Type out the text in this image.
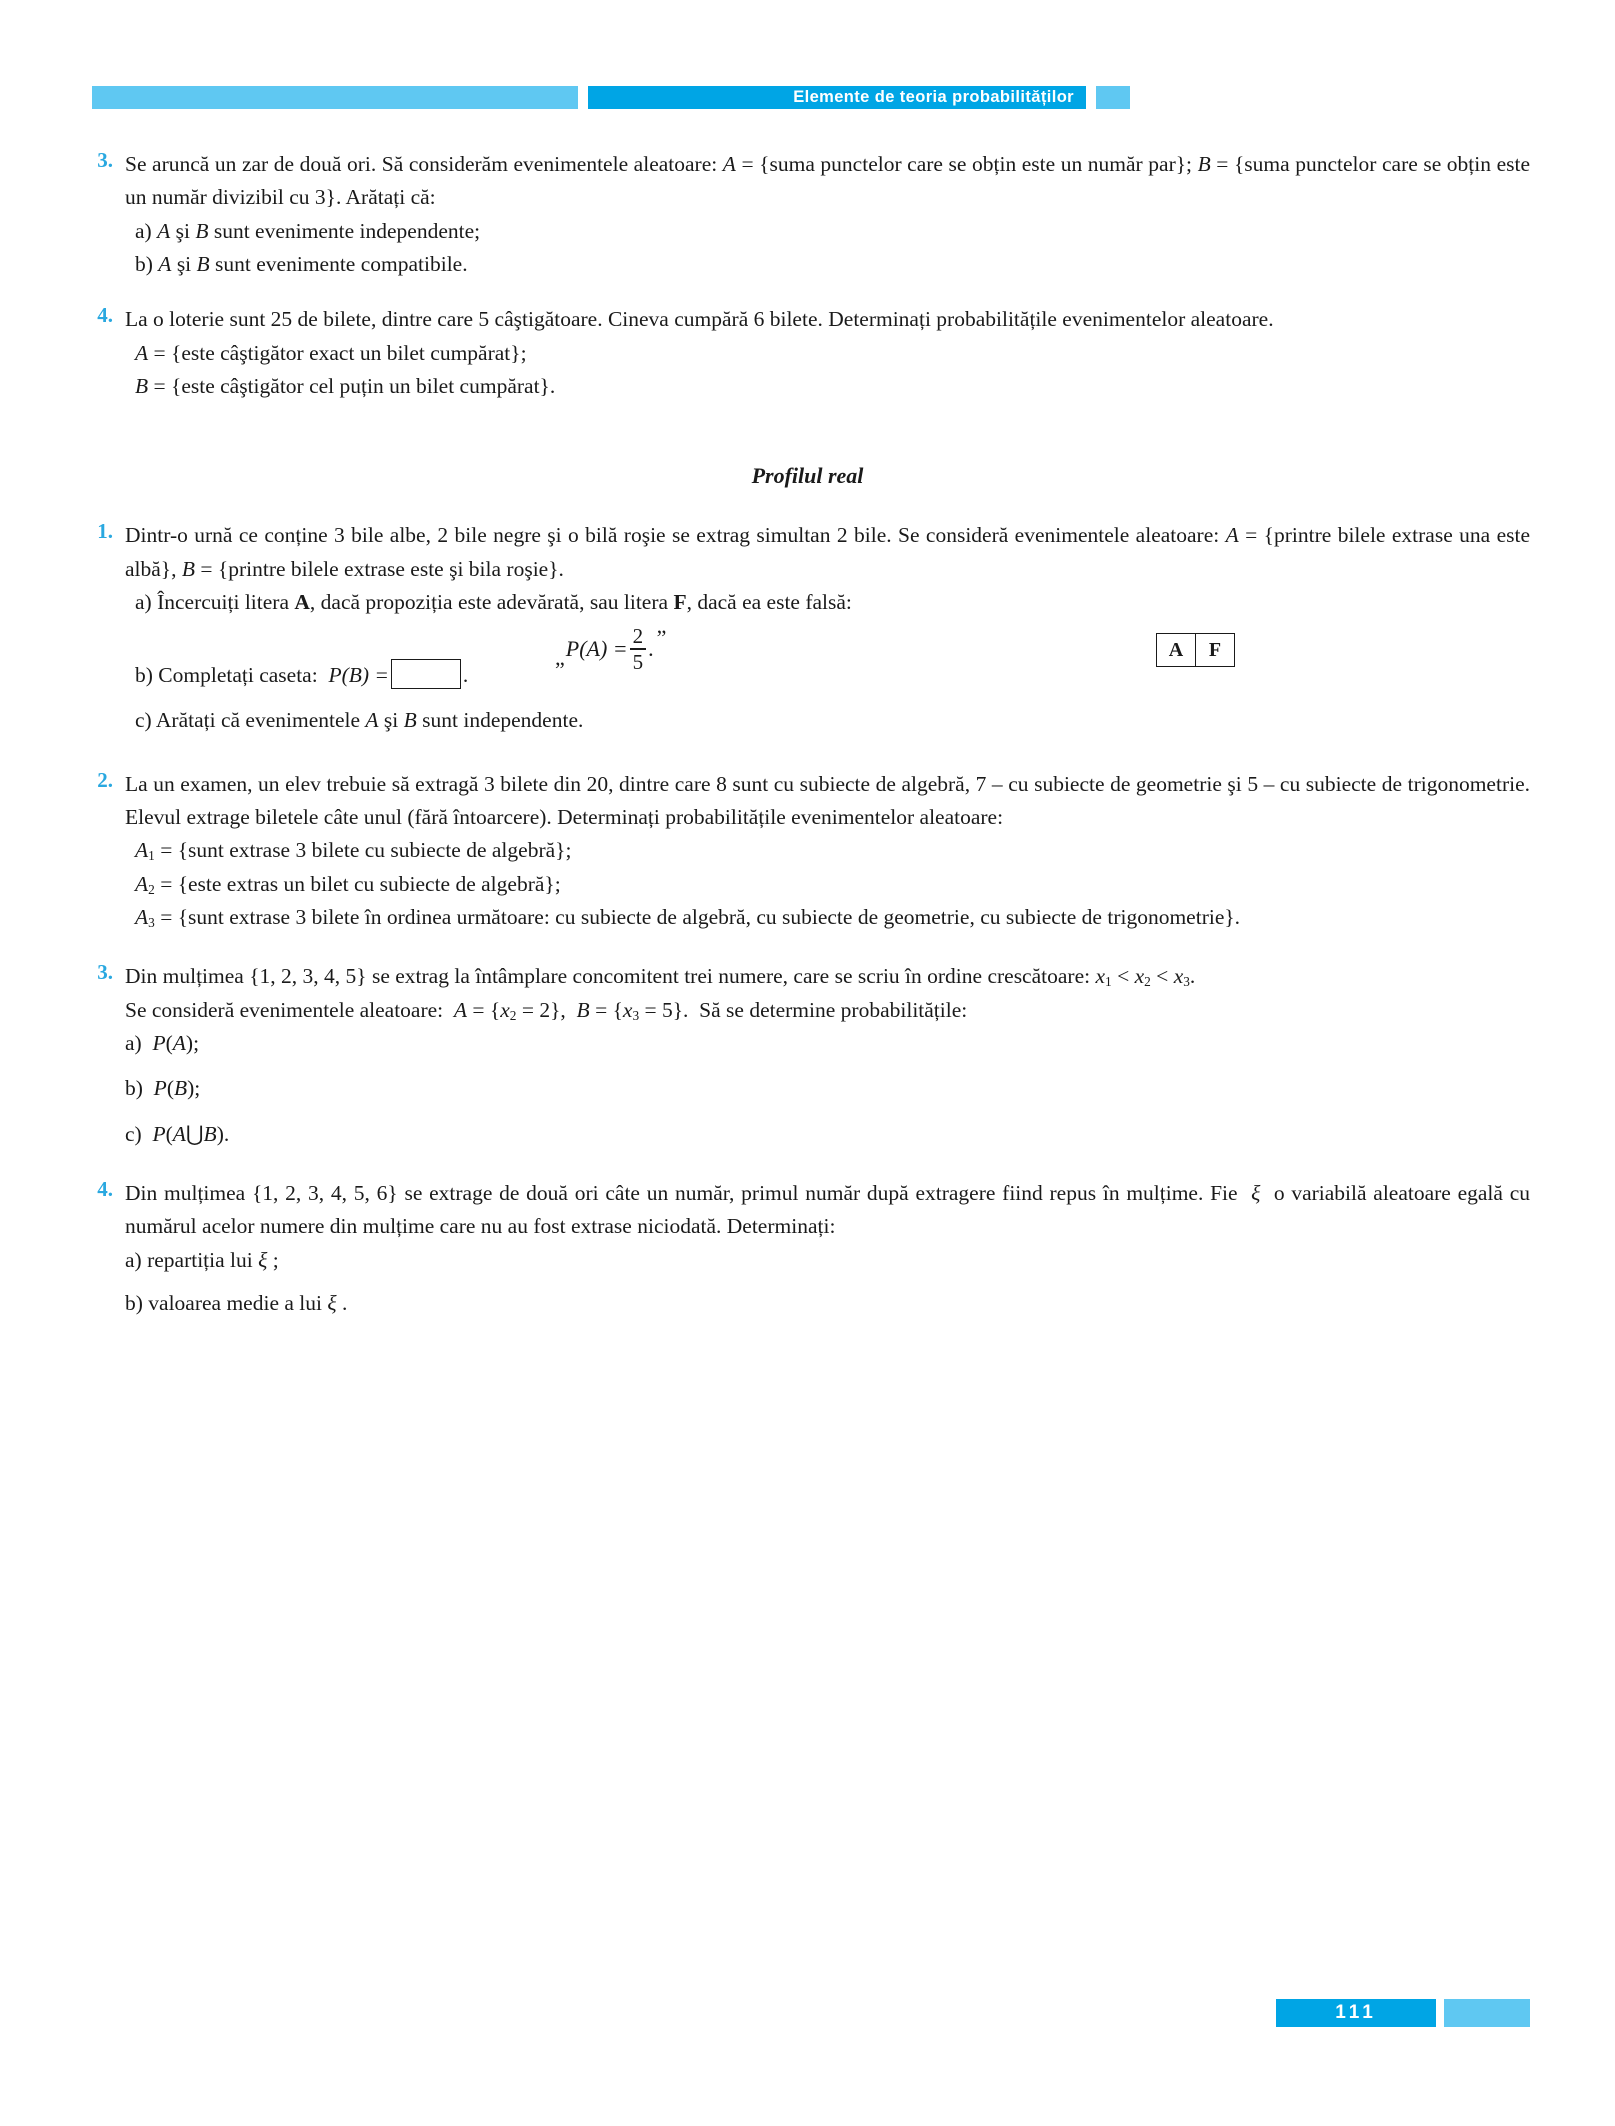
Elemente de teoria probabilităților
3. Se aruncă un zar de două ori. Să considerăm evenimentele aleatoare: A = {suma punctelor care se obțin este un număr par}; B = {suma punctelor care se obțin este un număr divizibil cu 3}. Arătați că:

a) A şi B sunt evenimente independente;

b) A şi B sunt evenimente compatibile.

4. La o loterie sunt 25 de bilete, dintre care 5 câştigătoare. Cineva cumpără 6 bilete. Determinați probabilitățile evenimentelor aleatoare.

A = {este câştigător exact un bilet cumpărat};

B = {este câştigător cel puțin un bilet cumpărat}.

Profilul real
1. Dintr-o urnă ce conține 3 bile albe, 2 bile negre şi o bilă roşie se extrag simultan 2 bile. Se consideră evenimentele aleatoare: A = {printre bilele extrase una este albă}, B = {printre bilele extrase este şi bila roşie}.

a) Încercuiți litera A, dacă propoziția este adevărată, sau litera F, dacă ea este falsă:

„ $P(A) = \frac{2}{5}$ . ”	A	F

b) Completați caseta: P(B) =	.

c) Arătați că evenimentele A şi B sunt independente.

2. La un examen, un elev trebuie să extragă 3 bilete din 20, dintre care 8 sunt cu subiecte de algebră, 7 – cu subiecte de geometrie şi 5 – cu subiecte de trigonometrie. Elevul extrage biletele câte unul (fără întoarcere). Determinați probabilitățile evenimentelor aleatoare:

$A_1$ = {sunt extrase 3 bilete cu subiecte de algebră};

$A_2$ = {este extras un bilet cu subiecte de algebră};

$A_3$ = {sunt extrase 3 bilete în ordinea următoare: cu subiecte de algebră, cu subiecte de geometrie, cu subiecte de trigonometrie}.

3. Din mulțimea {1, 2, 3, 4, 5} se extrag la întâmplare concomitent trei numere, care se scriu în ordine crescătoare: $x_1 < x_2 < x_3$.

Se consideră evenimentele aleatoare:  $A = \{x_2 = 2\}$,  $B = \{x_3 = 5\}$.  Să se determine probabilitățile:

a)  P(A);

b)  P(B);

c)  P(A⋃B).

4. Din mulțimea {1, 2, 3, 4, 5, 6} se extrage de două ori câte un număr, primul număr după extragere fiind repus în mulțime. Fie  ξ  o variabilă aleatoare egală cu numărul acelor numere din mulțime care nu au fost extrase niciodată. Determinați:

a) repartiția lui ξ ;

b) valoarea medie a lui ξ .

111
